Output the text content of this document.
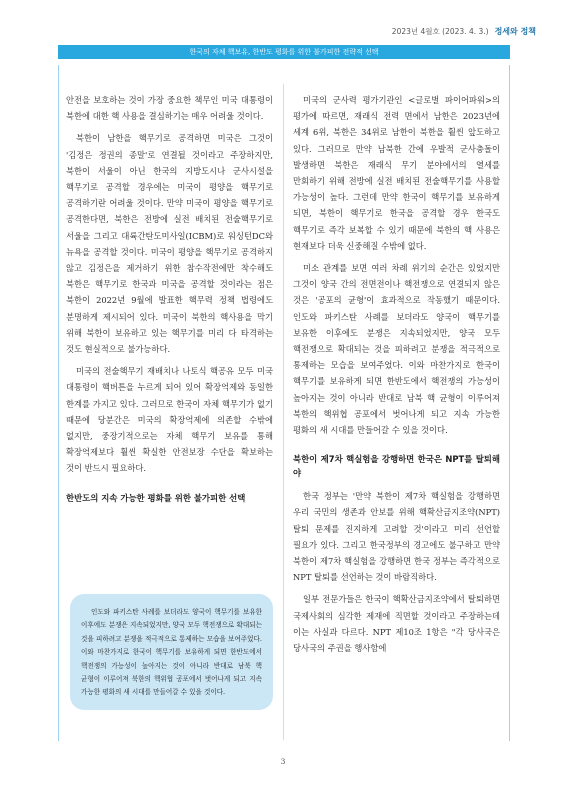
2023년 4월호 (2023. 4. 3.) 정세와 정책
한국의 자체 핵보유, 한반도 평화를 위한 불가피한 전략적 선택

안전을 보호하는 것이 가장 중요한 책무인 미국 대통령이 북한에 대한 핵 사용을 결심하기는 매우 어려울 것이다.

북한이 남한을 핵무기로 공격하면 미국은 그것이 '김정은 정권의 종말'로 연결될 것이라고 주장하지만, 북한이 서울이 아닌 한국의 지방도시나 군사시설을 핵무기로 공격할 경우에는 미국이 평양을 핵무기로 공격하기란 어려울 것이다. 만약 미국이 평양을 핵무기로 공격한다면, 북한은 전방에 실전 배치된 전술핵무기로 서울을 그리고 대륙간탄도미사일(ICBM)로 워싱턴DC와 뉴욕을 공격할 것이다. 미국이 평양을 핵무기로 공격하지 않고 김정은을 제거하기 위한 참수작전에만 착수해도 북한은 핵무기로 한국과 미국을 공격할 것이라는 점은 북한이 2022년 9월에 발표한 핵무력 정책 법령에도 분명하게 제시되어 있다. 미국이 북한의 핵사용을 막기 위해 북한이 보유하고 있는 핵무기를 미리 다 타격하는 것도 현실적으로 불가능하다.

미국의 전술핵무기 재배치나 나토식 핵공유 모두 미국 대통령이 핵버튼을 누르게 되어 있어 확장억제와 동일한 한계를 가지고 있다. 그러므로 한국이 자체 핵무기가 없기 때문에 당분간은 미국의 확장억제에 의존할 수밖에 없지만, 중장기적으로는 자체 핵무기 보유를 통해 확장억제보다 훨씬 확실한 안전보장 수단을 확보하는 것이 반드시 필요하다.

한반도의 지속 가능한 평화를 위한 불가피한 선택
인도와 파키스탄 사례를 보더라도 양국이 핵무기를 보유한 이후에도 분쟁은 지속되었지만, 양국 모두 핵전쟁으로 확대되는 것을 피하려고 분쟁을 적극적으로 통제하는 모습을 보여주었다. 이와 마찬가지로 한국이 핵무기를 보유하게 되면 한반도에서 핵전쟁의 가능성이 높아지는 것이 아니라 반대로 남북 핵 균형이 이루어져 북한의 핵위협 공포에서 벗어나게 되고 지속 가능한 평화의 새 시대를 만들어갈 수 있을 것이다.

미국의 군사력 평가기관인 <글로벌 파이어파워>의 평가에 따르면, 재래식 전력 면에서 남한은 2023년에 세계 6위, 북한은 34위로 남한이 북한을 훨씬 앞도하고 있다. 그러므로 만약 남북한 간에 우발적 군사충돌이 발생하면 북한은 재래식 무기 분야에서의 열세를 만회하기 위해 전방에 실전 배치된 전술핵무기를 사용할 가능성이 높다. 그런데 만약 한국이 핵무기를 보유하게 되면, 북한이 핵무기로 한국을 공격할 경우 한국도 핵무기로 즉각 보복할 수 있기 때문에 북한의 핵 사용은 현재보다 더욱 신중해질 수밖에 없다.

미소 관계를 보면 여러 차례 위기의 순간은 있었지만 그것이 양국 간의 전면전이나 핵전쟁으로 연결되지 않은 것은 '공포의 균형'이 효과적으로 작동했기 때문이다. 인도와 파키스탄 사례를 보더라도 양국이 핵무기를 보유한 이후에도 분쟁은 지속되었지만, 양국 모두 핵전쟁으로 확대되는 것을 피하려고 분쟁을 적극적으로 통제하는 모습을 보여주었다. 이와 마찬가지로 한국이 핵무기를 보유하게 되면 한반도에서 핵전쟁의 가능성이 높아지는 것이 아니라 반대로 남북 핵 균형이 이루어져 북한의 핵위협 공포에서 벗어나게 되고 지속 가능한 평화의 새 시대를 만들어갈 수 있을 것이다.

북한이 제7차 핵실험을 강행하면 한국은 NPT를 탈퇴해야

한국 정부는 '만약 북한이 제7차 핵실험을 강행하면 우리 국민의 생존과 안보를 위해 핵확산금지조약(NPT) 탈퇴 문제를 진지하게 고려할 것'이라고 미리 선언할 필요가 있다. 그리고 한국정부의 경고에도 불구하고 만약 북한이 제7차 핵실험을 강행하면 한국 정부는 즉각적으로 NPT 탈퇴를 선언하는 것이 바람직하다.

일부 전문가들은 한국이 핵확산금지조약에서 탈퇴하면 국제사회의 심각한 제재에 직면할 것이라고 주장하는데 이는 사실과 다르다. NPT 제10조 1항은 "각 당사국은 당사국의 주권을 행사함에

3
